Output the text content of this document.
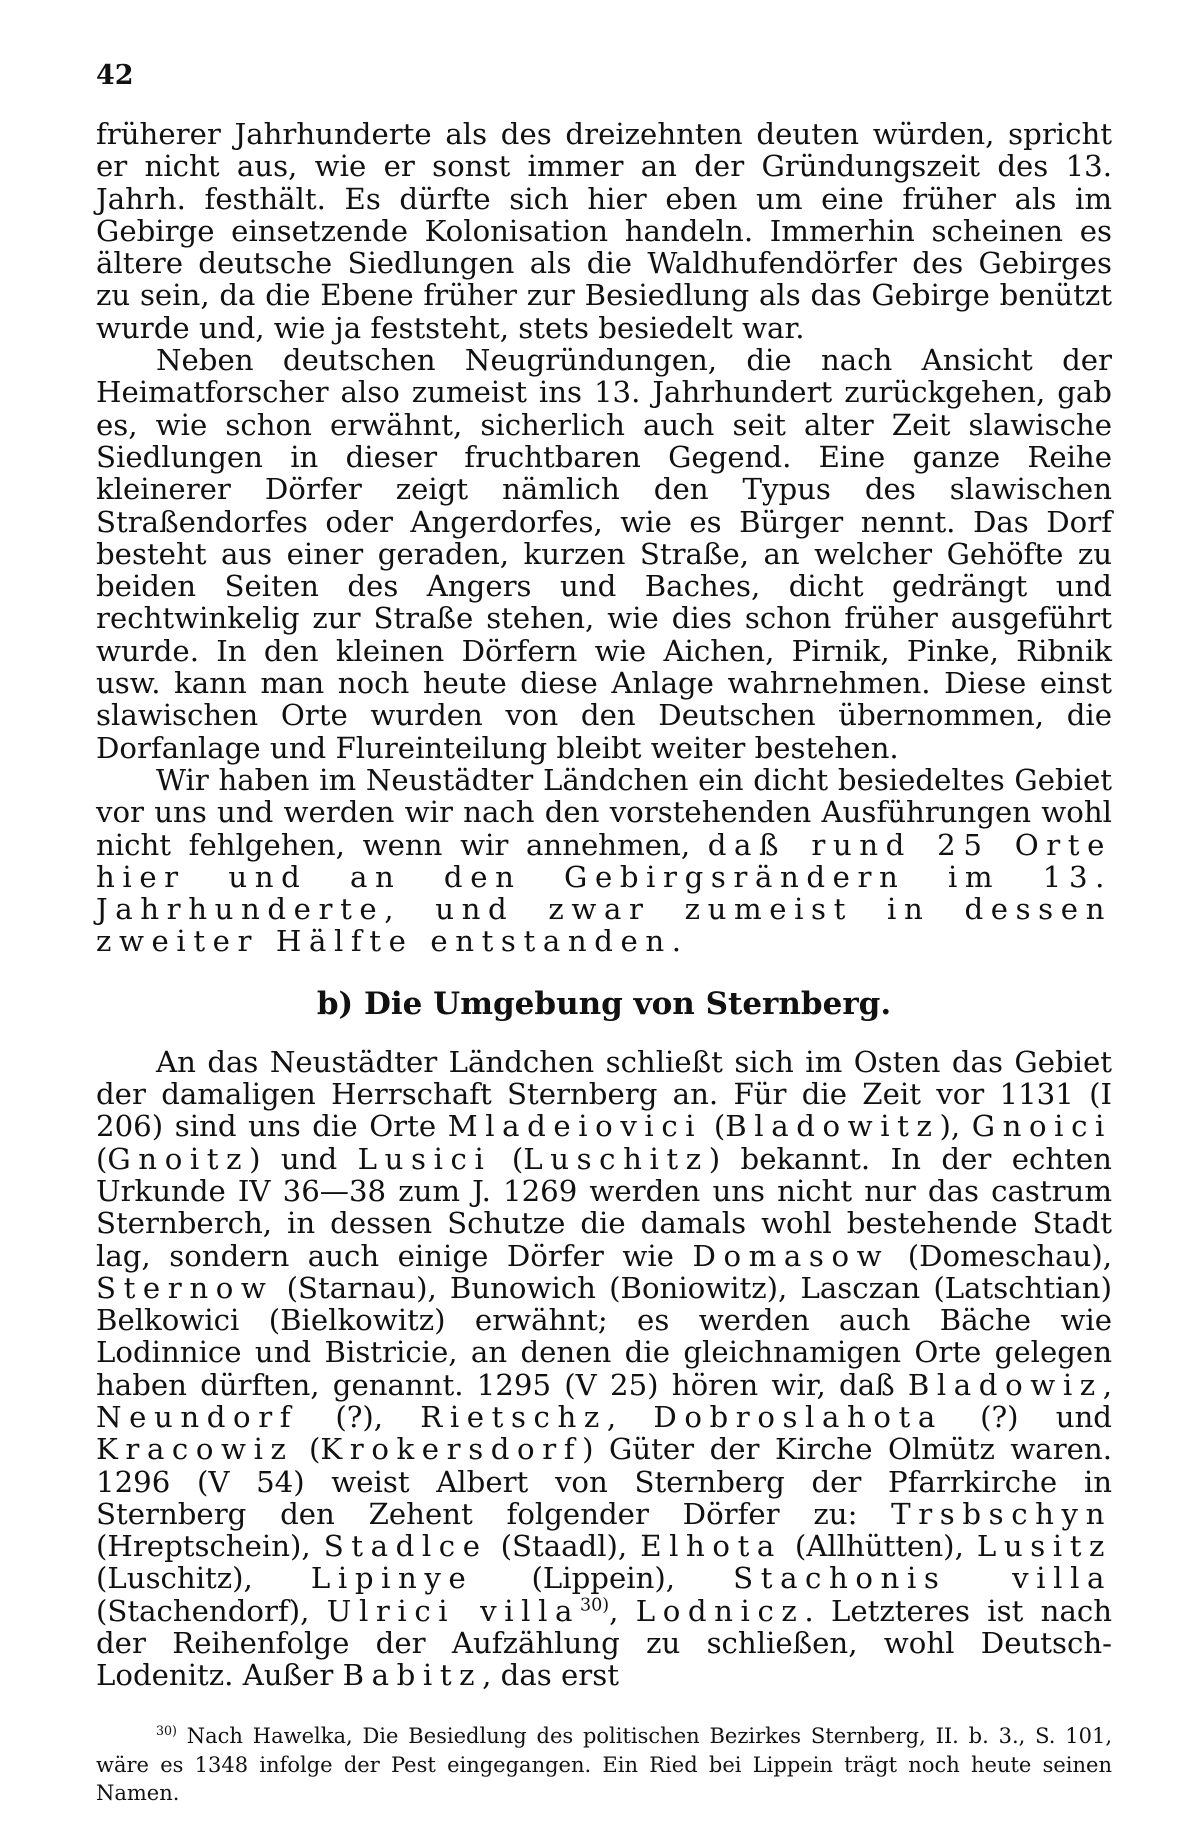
42

früherer Jahrhunderte als des dreizehnten deuten würden, spricht er nicht aus, wie er sonst immer an der Gründungszeit des 13. Jahrh. festhält. Es dürfte sich hier eben um eine früher als im Gebirge einsetzende Kolonisation handeln. Immerhin scheinen es ältere deutsche Siedlungen als die Waldhufendörfer des Gebirges zu sein, da die Ebene früher zur Besiedlung als das Gebirge benützt wurde und, wie ja feststeht, stets besiedelt war.

Neben deutschen Neugründungen, die nach Ansicht der Heimatforscher also zumeist ins 13. Jahrhundert zurückgehen, gab es, wie schon erwähnt, sicherlich auch seit alter Zeit slawische Siedlungen in dieser fruchtbaren Gegend. Eine ganze Reihe kleinerer Dörfer zeigt nämlich den Typus des slawischen Straßendorfes oder Angerdorfes, wie es Bürger nennt. Das Dorf besteht aus einer geraden, kurzen Straße, an welcher Gehöfte zu beiden Seiten des Angers und Baches, dicht gedrängt und rechtwinkelig zur Straße stehen, wie dies schon früher ausgeführt wurde. In den kleinen Dörfern wie Aichen, Pirnik, Pinke, Ribnik usw. kann man noch heute diese Anlage wahrnehmen. Diese einst slawischen Orte wurden von den Deutschen übernommen, die Dorfanlage und Flureinteilung bleibt weiter bestehen.

Wir haben im Neustädter Ländchen ein dicht besiedeltes Gebiet vor uns und werden wir nach den vorstehenden Ausführungen wohl nicht fehlgehen, wenn wir annehmen, daß rund 25 Orte hier und an den Gebirgsrändern im 13. Jahrhunderte, und zwar zumeist in dessen zweiter Hälfte entstanden.

b) Die Umgebung von Sternberg.

An das Neustädter Ländchen schließt sich im Osten das Gebiet der damaligen Herrschaft Sternberg an. Für die Zeit vor 1131 (I 206) sind uns die Orte Mladeiovici (Bladowitz), Gnoici (Gnoitz) und Lusici (Luschitz) bekannt. In der echten Urkunde IV 36—38 zum J. 1269 werden uns nicht nur das castrum Sternberch, in dessen Schutze die damals wohl bestehende Stadt lag, sondern auch einige Dörfer wie Domasow (Domeschau), Sternow (Starnau), Bunowich (Boniowitz), Lasczan (Latschtian) Belkowici (Bielkowitz) erwähnt; es werden auch Bäche wie Lodinnice und Bistricie, an denen die gleichnamigen Orte gelegen haben dürften, genannt. 1295 (V 25) hören wir, daß Bladowiz, Neundorf (?), Rietschz, Dobroslahota (?) und Kracowiz (Krokersdorf) Güter der Kirche Olmütz waren. 1296 (V 54) weist Albert von Sternberg der Pfarrkirche in Sternberg den Zehent folgender Dörfer zu: Trsbschyn (Hreptschein), Stadlce (Staadl), Elhota (Allhütten), Lusitz (Luschitz), Lipinye (Lippein), Stachonis villa (Stachendorf), Ulrici villa$^{30)}$, Lodnicz. Letzteres ist nach der Reihenfolge der Aufzählung zu schließen, wohl Deutsch-Lodenitz. Außer Babitz, das erst

$^{30)}$ Nach Hawelka, Die Besiedlung des politischen Bezirkes Sternberg, II. b. 3., S. 101, wäre es 1348 infolge der Pest eingegangen. Ein Ried bei Lippein trägt noch heute seinen Namen.
